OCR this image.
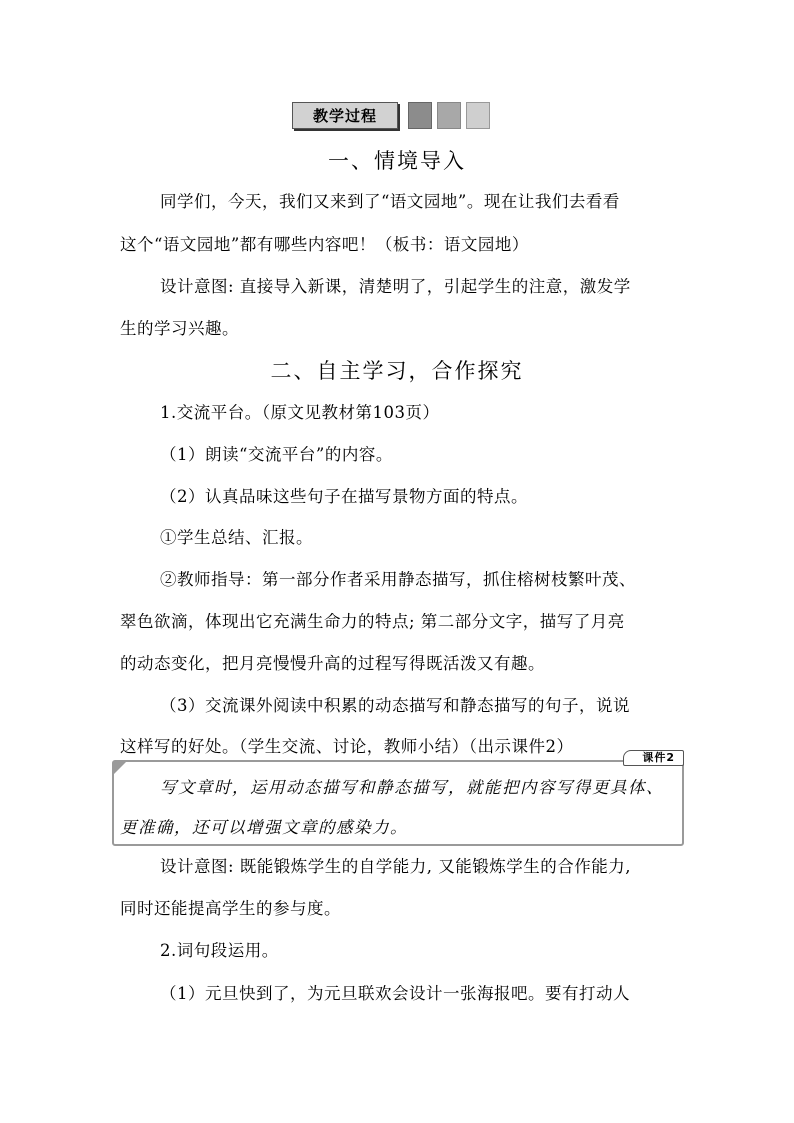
教学过程
一、情境导入
同学们，今天，我们又来到了“语文园地”。现在让我们去看看
这个“语文园地”都有哪些内容吧！（板书：语文园地）
设计意图: 直接导入新课，清楚明了，引起学生的注意，激发学
生的学习兴趣。
二、自主学习，合作探究
1.交流平台。（原文见教材第103页）
（1）朗读“交流平台”的内容。
（2）认真品味这些句子在描写景物方面的特点。
①学生总结、汇报。
②教师指导：第一部分作者采用静态描写，抓住榕树枝繁叶茂、
翠色欲滴，体现出它充满生命力的特点; 第二部分文字，描写了月亮
的动态变化，把月亮慢慢升高的过程写得既活泼又有趣。
（3）交流课外阅读中积累的动态描写和静态描写的句子，说说
这样写的好处。（学生交流、讨论，教师小结）（出示课件2）
课件2
写文章时，运用动态描写和静态描写，就能把内容写得更具体、
更准确，还可以增强文章的感染力。
设计意图: 既能锻炼学生的自学能力, 又能锻炼学生的合作能力,
同时还能提高学生的参与度。
2.词句段运用。
（1）元旦快到了，为元旦联欢会设计一张海报吧。要有打动人
